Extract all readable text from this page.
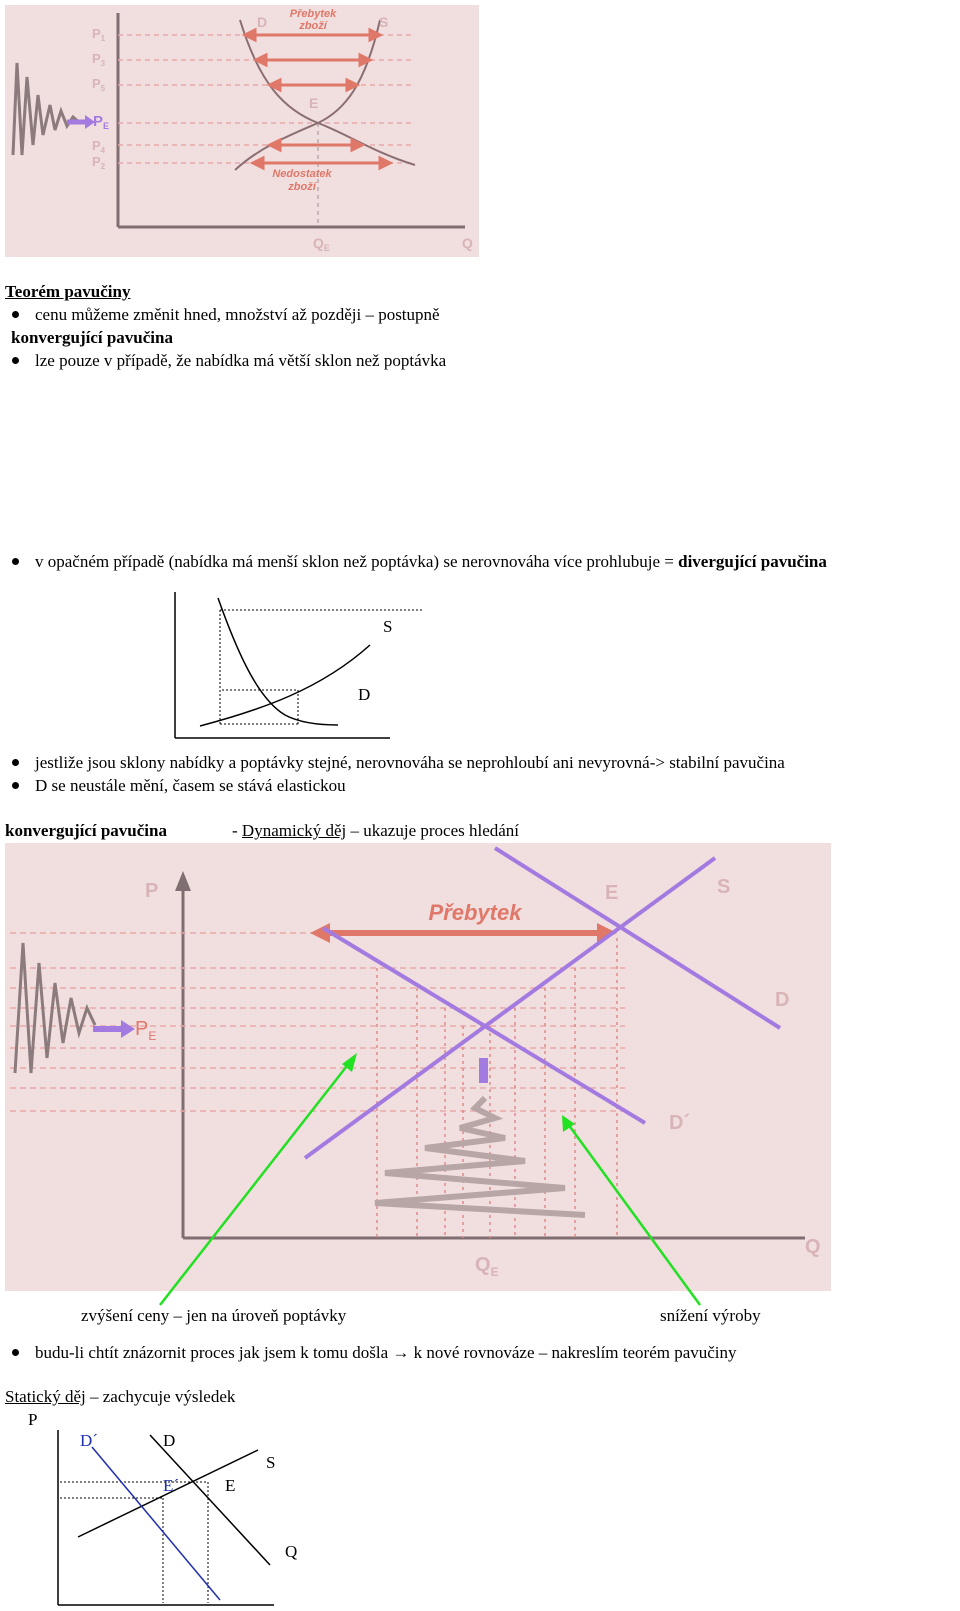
$P_1$
$P_3$
$P_5$
$P_4$
$P_2$
$P_E$
Přebytek
zboží
Nedostatek
zboží
D	S
E
$Q_E$	Q
Teorém pavučiny
cenu můžeme změnit hned, množství až později – postupně
konvergující pavučina
lze pouze v případě, že nabídka má větší sklon než poptávka
v opačném případě (nabídka má menší sklon než poptávka) se nerovnováha více prohlubuje = divergující pavučina
S
D
jestliže jsou sklony nabídky a poptávky stejné, nerovnováha se neprohloubí ani nevyrovná-> stabilní pavučina
D se neustále mění, časem se stává elastickou
konvergující pavučina	- Dynamický děj – ukazuje proces hledání
$P_E$
Přebytek
P	E	S
D
D´
Q
$Q_E$
zvýšení ceny – jen na úroveň poptávky	snížení výroby
budu-li chtít znázornit proces jak jsem k tomu došla → k nové rovnováze – nakreslím teorém pavučiny
Statický děj – zachycuje výsledek
P
D´	D
S
E´	E
Q
